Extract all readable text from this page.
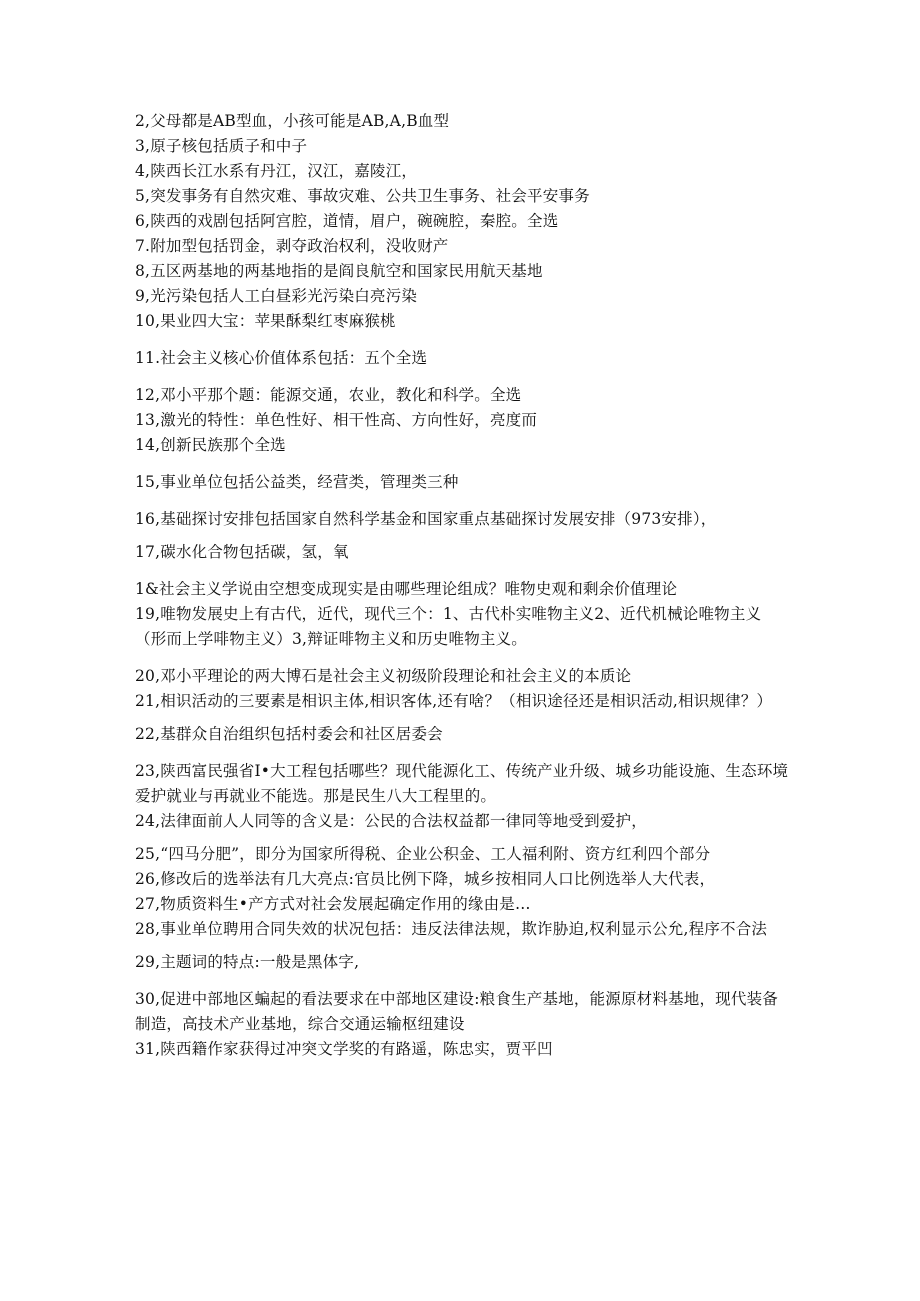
2,父母都是AB型血，小孩可能是AB,A,B血型

3,原子核包括质子和中子

4,陕西长江水系有丹江，汉江，嘉陵江，

5,突发事务有自然灾难、事故灾难、公共卫生事务、社会平安事务

6,陕西的戏剧包括阿宫腔，道情，眉户，碗碗腔，秦腔。全选

7.附加型包括罚金，剥夺政治权利，没收财产

8,五区两基地的两基地指的是阎良航空和国家民用航天基地

9,光污染包括人工白昼彩光污染白亮污染

10,果业四大宝：苹果酥梨红枣麻猴桃

11.社会主义核心价值体系包括：五个全选

12,邓小平那个题：能源交通，农业，教化和科学。全选

13,激光的特性：单色性好、相干性高、方向性好，亮度而

14,创新民族那个全选

15,事业单位包括公益类，经营类，管理类三种

16,基础探讨安排包括国家自然科学基金和国家重点基础探讨发展安排（973安排），

17,碳水化合物包括碳，氢，氧

1&社会主义学说由空想变成现实是由哪些理论组成？唯物史观和剩余价值理论

19,唯物发展史上有古代，近代，现代三个：1、古代朴实唯物主义2、近代机械论唯物主义（形而上学啡物主义）3,辩证啡物主义和历史唯物主义。

20,邓小平理论的两大博石是社会主义初级阶段理论和社会主义的本质论

21,相识活动的三要素是相识主体,相识客体,还有啥？（相识途径还是相识活动,相识规律？）

22,基群众自治组织包括村委会和社区居委会

23,陕西富民强省I•大工程包括哪些？现代能源化工、传统产业升级、城乡功能设施、生态环境爱护就业与再就业不能选。那是民生八大工程里的。

24,法律面前人人同等的含义是：公民的合法权益都一律同等地受到爱护，

25,“四马分肥”，即分为国家所得税、企业公积金、工人福利附、资方红利四个部分

26,修改后的选举法有几大亮点:官员比例下降，城乡按相同人口比例选举人大代表，

27,物质资料生•产方式对社会发展起确定作用的缘由是…

28,事业单位聘用合同失效的状况包括：违反法律法规，欺诈胁迫,权利显示公允,程序不合法

29,主题词的特点:一般是黑体字,

30,促进中部地区蝙起的看法要求在中部地区建设:粮食生产基地，能源原材料基地，现代装备制造，高技术产业基地，综合交通运输枢纽建设

31,陕西籍作家获得过冲突文学奖的有路遥，陈忠实，贾平凹
